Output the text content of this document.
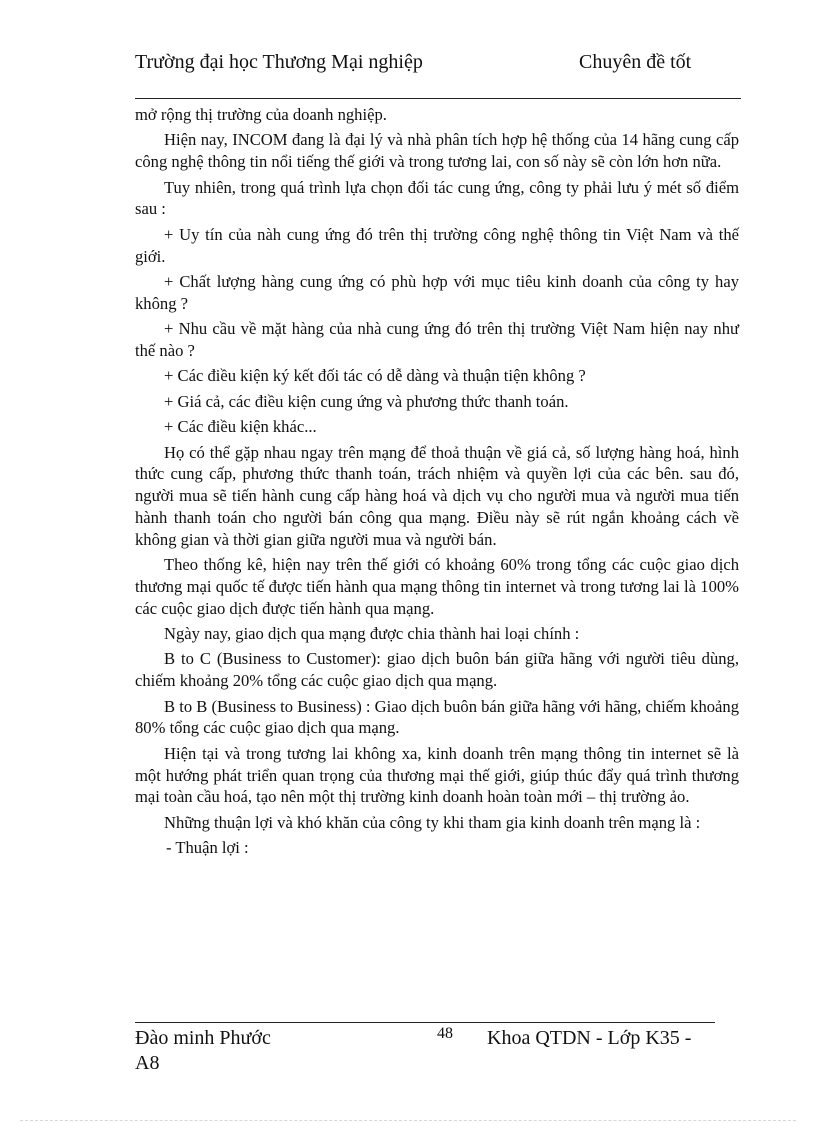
Trường đại học Thương Mại nghiệp	Chuyên đề tốt

mở rộng thị trường của doanh nghiệp.

Hiện nay, INCOM đang là đại lý và nhà phân tích hợp hệ thống của 14 hãng cung cấp công nghệ thông tin nổi tiếng thế giới và trong tương lai, con số này sẽ còn lớn hơn nữa.

Tuy nhiên, trong quá trình lựa chọn đối tác cung ứng, công ty phải lưu ý mét số điểm sau :

+ Uy tín của nàh cung ứng đó trên thị trường công nghệ thông tin Việt Nam và thế giới.

+ Chất lượng hàng cung ứng có phù hợp với mục tiêu kinh doanh của công ty hay không ?

+ Nhu cầu về mặt hàng của nhà cung ứng đó trên thị trường Việt Nam hiện nay như thế nào ?

+ Các điều kiện ký kết đối tác có dễ dàng và thuận tiện không ?

+ Giá cả, các điều kiện cung ứng và phương thức thanh toán.

+ Các điều kiện khác...

Họ có thể gặp nhau ngay trên mạng để thoả thuận về giá cả, số lượng hàng hoá, hình thức cung cấp, phương thức thanh toán, trách nhiệm và quyền lợi của các bên. sau đó, người mua sẽ tiến hành cung cấp hàng hoá và dịch vụ cho người mua và người mua tiến hành thanh toán cho người bán công qua mạng. Điều này sẽ rút ngắn khoảng cách về không gian và thời gian giữa người mua và người bán.

Theo thống kê, hiện nay trên thế giới có khoảng 60% trong tổng các cuộc giao dịch thương mại quốc tế được tiến hành qua mạng thông tin internet và trong tương lai là 100% các cuộc giao dịch được tiến hành qua mạng.

Ngày nay, giao dịch qua mạng được chia thành hai loại chính :

B to C (Business to Customer): giao dịch buôn bán giữa hãng với người tiêu dùng, chiếm khoảng 20% tổng các cuộc giao dịch qua mạng.

B to B (Business to Business) : Giao dịch buôn bán giữa hãng với hãng, chiếm khoảng 80% tổng các cuộc giao dịch qua mạng.

Hiện tại và trong tương lai không xa, kinh doanh trên mạng thông tin internet sẽ là một hướng phát triển quan trọng của thương mại thế giới, giúp thúc đẩy quá trình thương mại toàn cầu hoá, tạo nên một thị trường kinh doanh hoàn toàn mới – thị trường ảo.

Những thuận lợi và khó khăn của công ty khi tham gia kinh doanh trên mạng là :

- Thuận lợi :

Đào minh Phước A8
48 Khoa QTDN - Lớp K35 -
